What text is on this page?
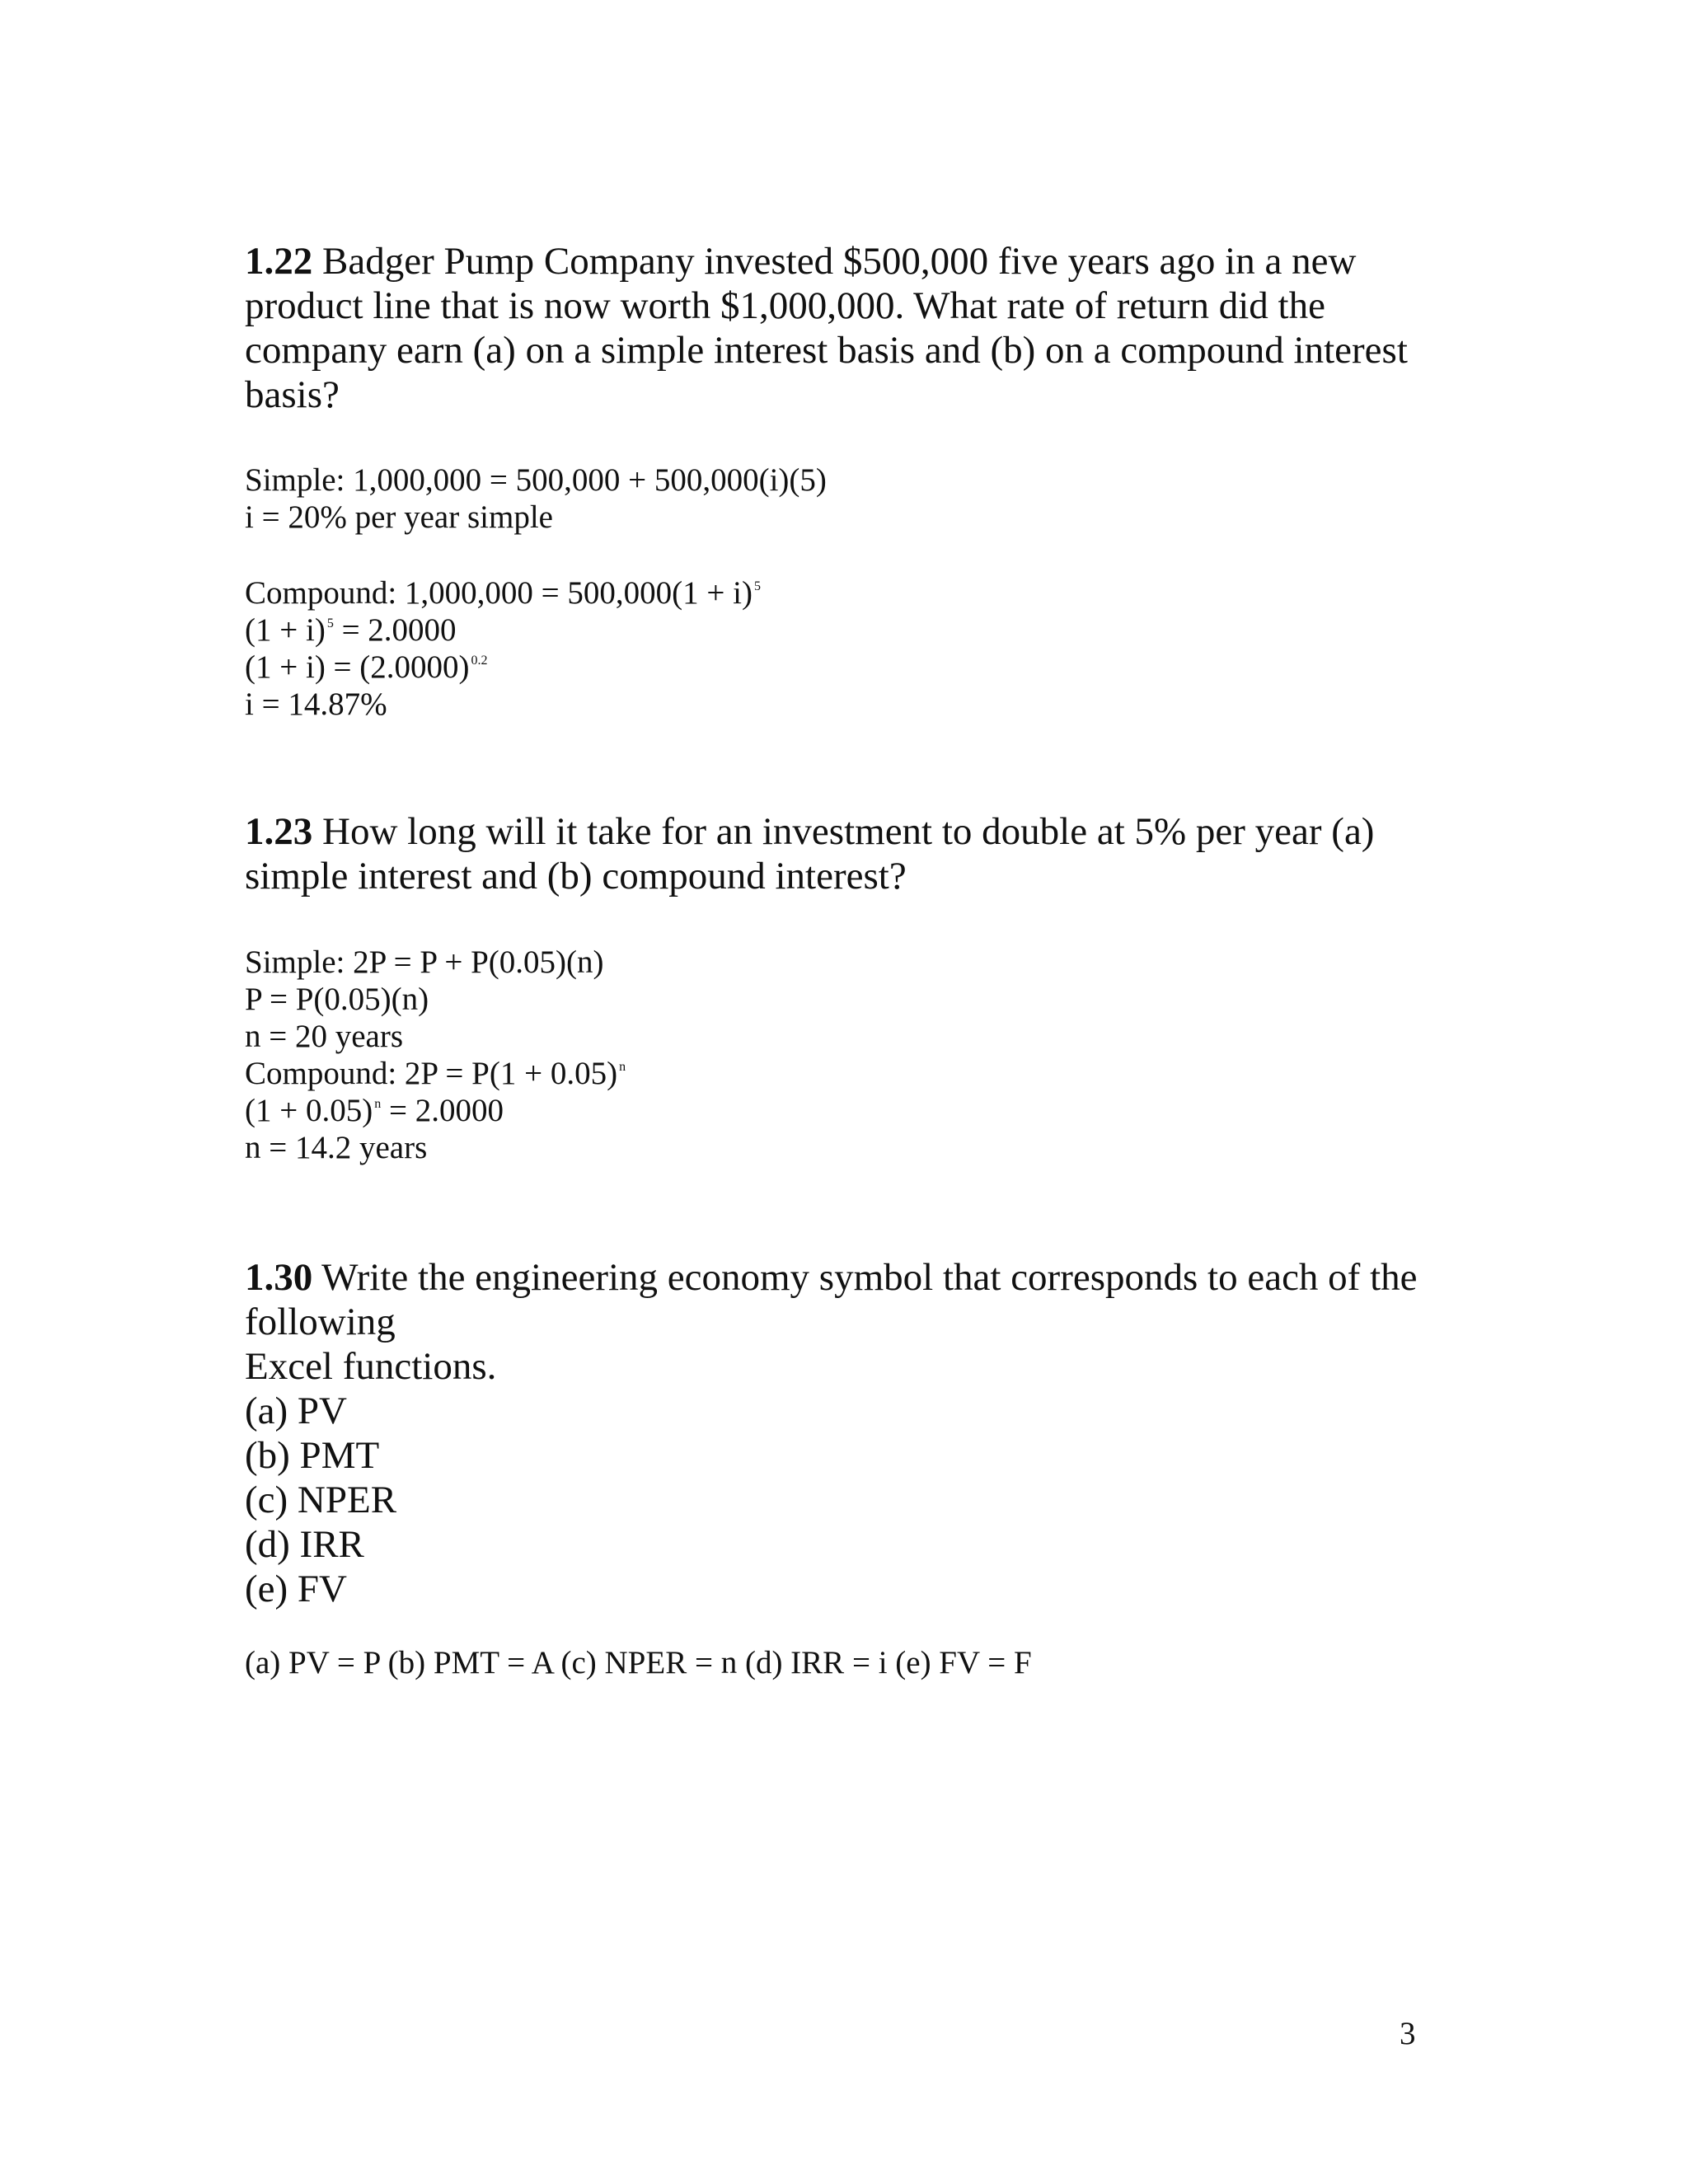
1.22 Badger Pump Company invested $500,000 five years ago in a new
product line that is now worth $1,000,000. What rate of return did the
company earn (a) on a simple interest basis and (b) on a compound interest
basis?
Simple: 1,000,000 = 500,000 + 500,000(i)(5)
i = 20% per year simple
Compound: 1,000,000 = 500,000(1 + i) $^5$
(1 + i) $^5$ = 2.0000
(1 + i) = (2.0000) $^{0.2}$
i = 14.87%
1.23 How long will it take for an investment to double at 5% per year (a)
simple interest and (b) compound interest?
Simple: 2P = P + P(0.05)(n)
P = P(0.05)(n)
n = 20 years
Compound: 2P = P(1 + 0.05) $^n$
(1 + 0.05) $^n$ = 2.0000
n = 14.2 years
1.30 Write the engineering economy symbol that corresponds to each of the
following
Excel functions.
(a) PV
(b) PMT
(c) NPER
(d) IRR
(e) FV
(a) PV = P (b) PMT = A (c) NPER = n (d) IRR = i (e) FV = F
3
